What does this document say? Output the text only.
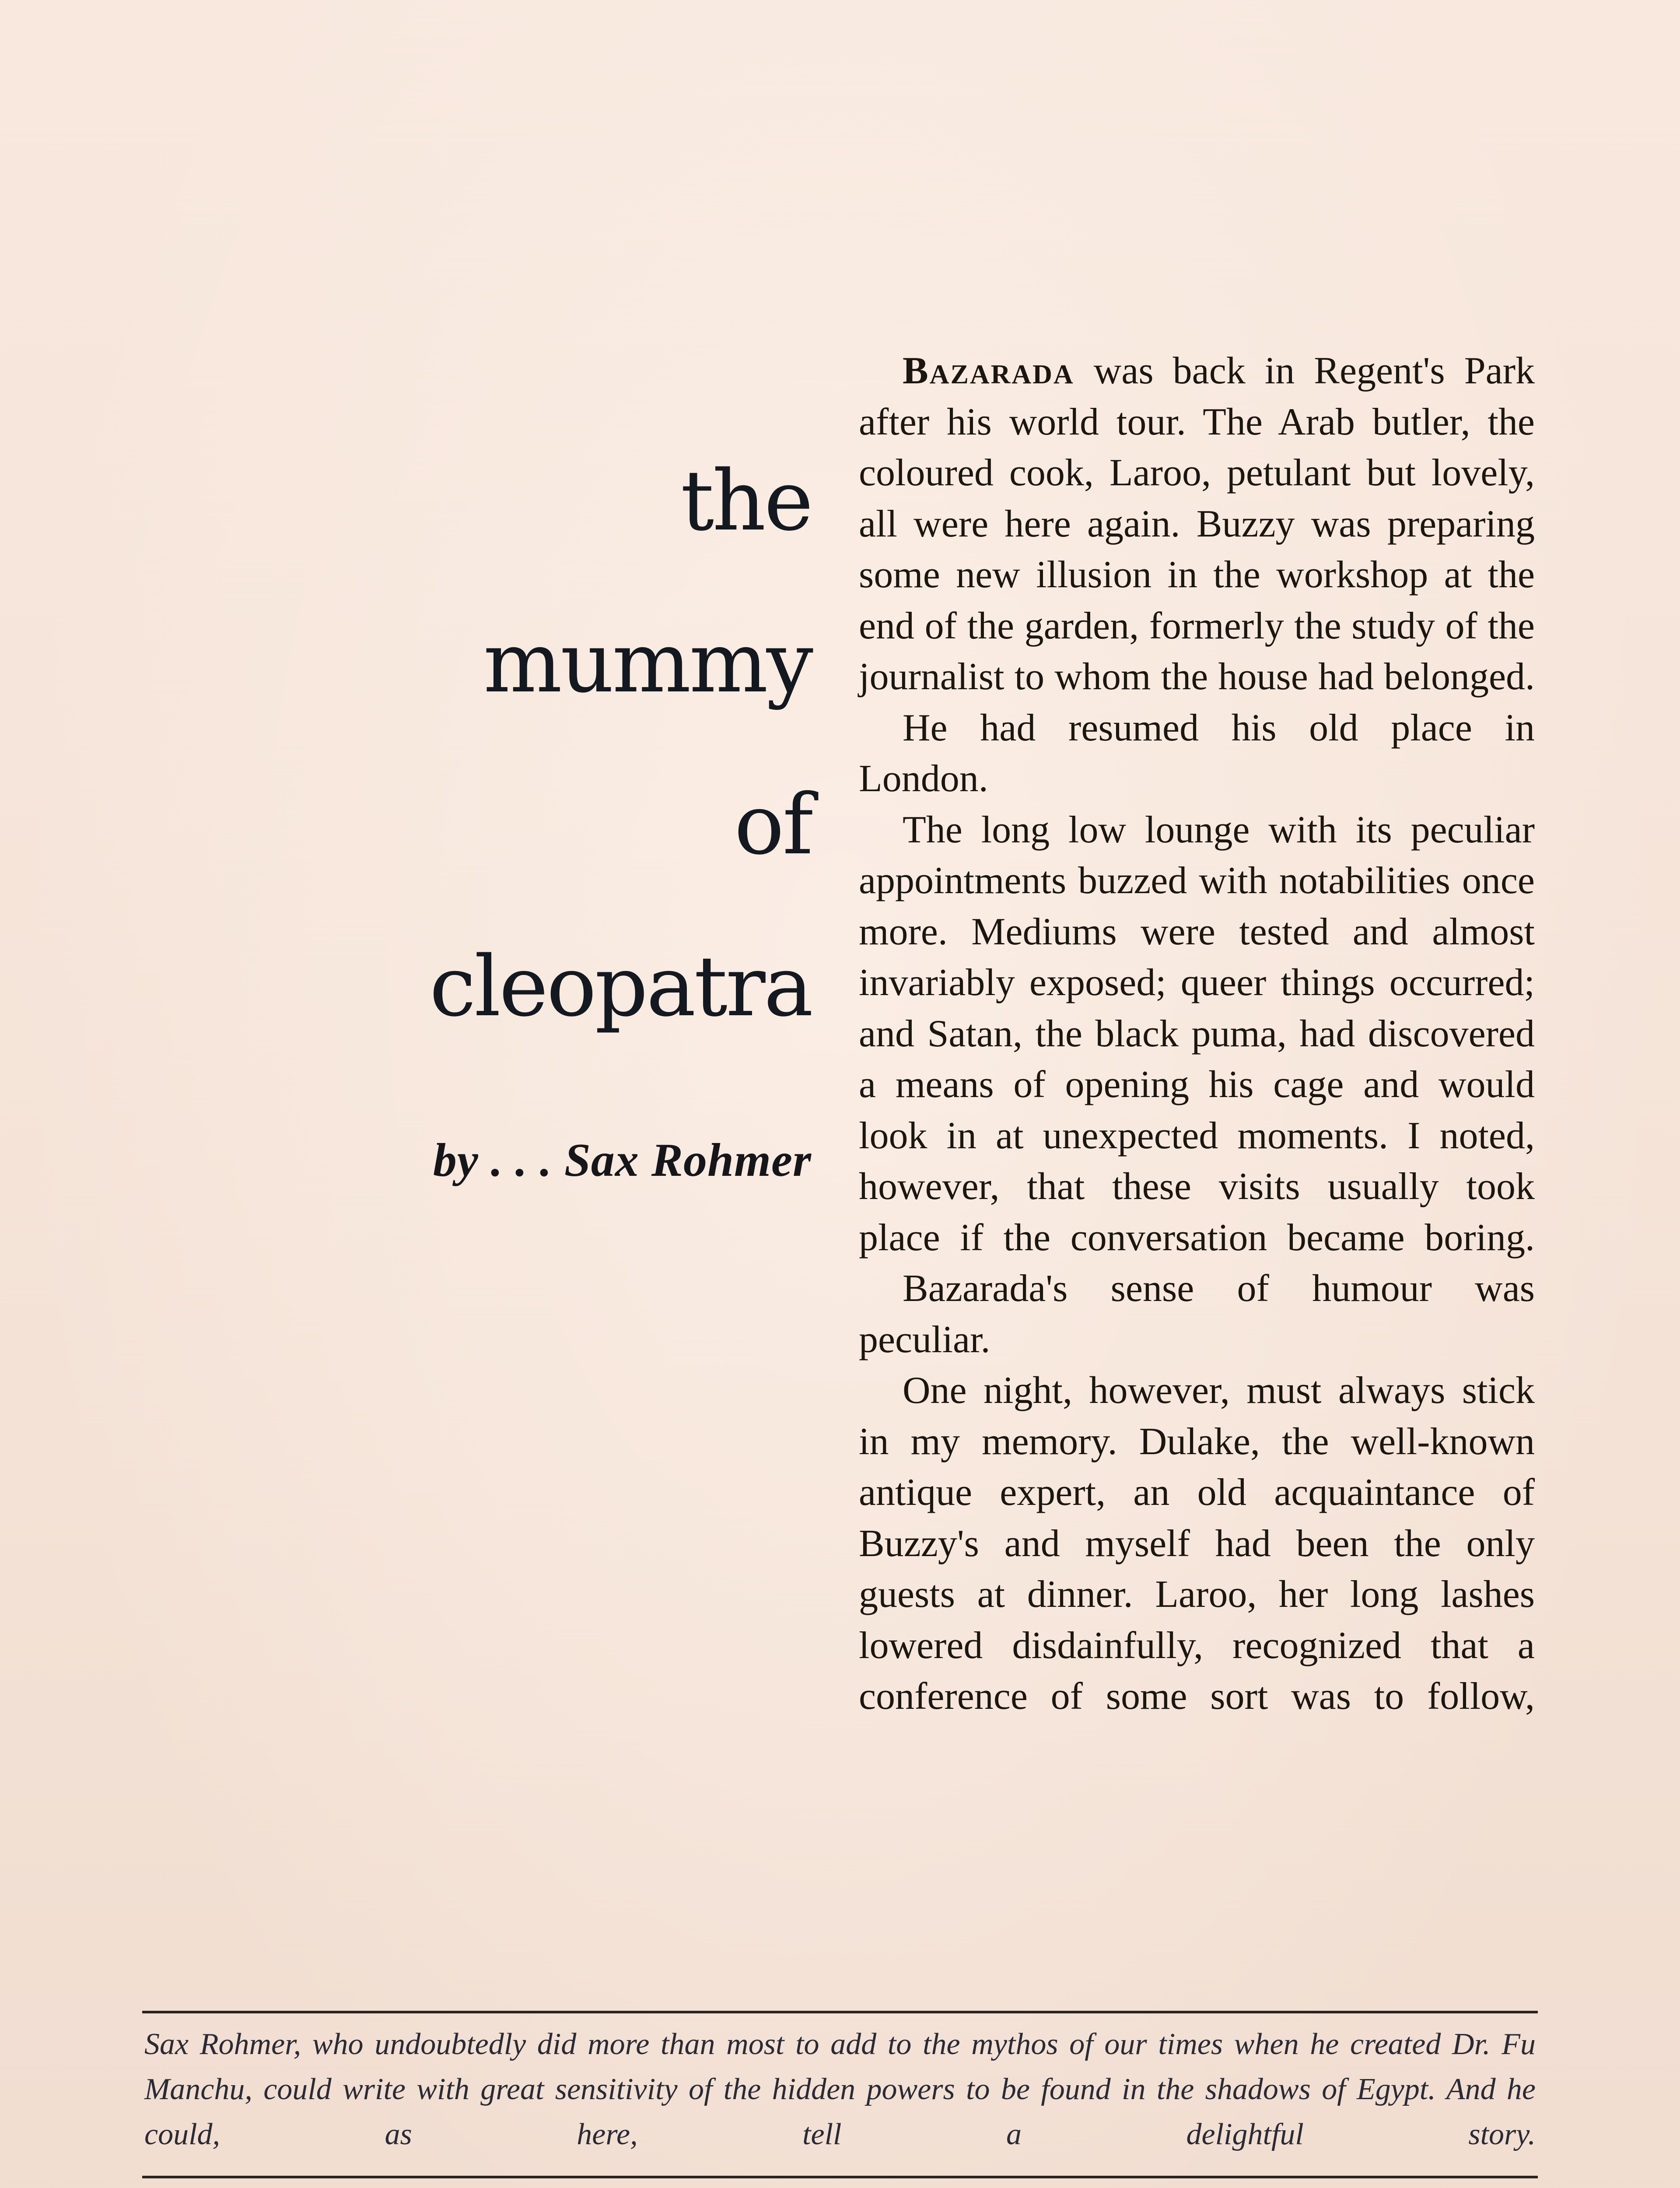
the
mummy
of
cleopatra
by . . . Sax Rohmer

Bazarada was back in Regent's Park after his world tour. The Arab butler, the coloured cook, Laroo, petulant but lovely, all were here again. Buzzy was preparing some new illusion in the workshop at the end of the garden, formerly the study of the journalist to whom the house had belonged.

He had resumed his old place in London.

The long low lounge with its peculiar appointments buzzed with notabilities once more. Mediums were tested and almost invariably exposed; queer things occurred; and Satan, the black puma, had discovered a means of opening his cage and would look in at unexpected moments. I noted, however, that these visits usually took place if the conversation became boring.

Bazarada's sense of humour was peculiar.

One night, however, must always stick in my memory. Dulake, the well-known antique expert, an old acquaintance of Buzzy's and myself had been the only guests at dinner. Laroo, her long lashes lowered disdainfully, recognized that a conference of some sort was to follow,

Sax Rohmer, who undoubtedly did more than most to add to the mythos of our times when he created Dr. Fu Manchu, could write with great sensitivity of the hidden powers to be found in the shadows of Egypt. And he could, as here, tell a delightful story.
